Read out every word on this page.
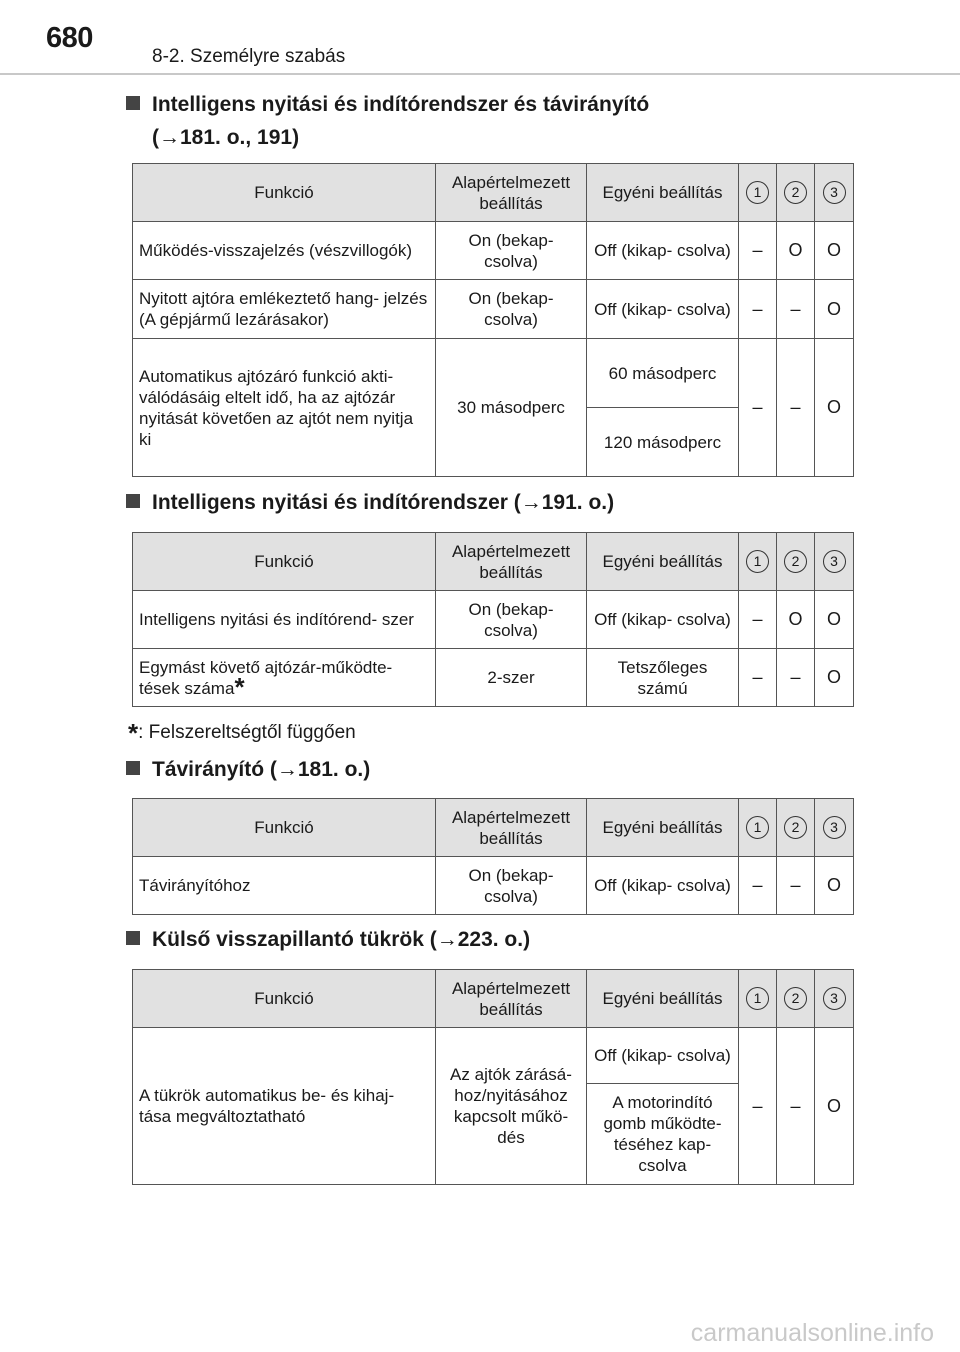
680
8-2. Személyre szabás
Intelligens nyitási és indítórendszer és távirányító
(→181. o., 191)
Funkció	Alapértelmezett beállítás	Egyéni beállítás	1	2	3
Működés-visszajelzés (vészvillogók)	On (bekap- csolva)	Off (kikap- csolva)	–	O	O
Nyitott ajtóra emlékeztető hang- jelzés (A gépjármű lezárásakor)	On (bekap- csolva)	Off (kikap- csolva)	–	–	O
Automatikus ajtózáró funkció akti- válódásáig eltelt idő, ha az ajtózár nyitását követően az ajtót nem nyitja ki	30 másodperc	60 másodperc	–	–	O
		120 másodperc			
Intelligens nyitási és indítórendszer (→191. o.)
Funkció	Alapértelmezett beállítás	Egyéni beállítás	1	2	3
Intelligens nyitási és indítórend- szer	On (bekap- csolva)	Off (kikap- csolva)	–	O	O
Egymást követő ajtózár-működte- tések száma*	2-szer	Tetszőleges számú	–	–	O
*: Felszereltségtől függően
Távirányító (→181. o.)
Funkció	Alapértelmezett beállítás	Egyéni beállítás	1	2	3
Távirányítóhoz	On (bekap- csolva)	Off (kikap- csolva)	–	–	O
Külső visszapillantó tükrök (→223. o.)
Funkció	Alapértelmezett beállítás	Egyéni beállítás	1	2	3
A tükrök automatikus be- és kihaj- tása megváltoztatható	Az ajtók zárásá- hoz/nyitásához kapcsolt műkö- dés	Off (kikap- csolva)	–	–	O
		A motorindító gomb működte- téséhez kap- csolva			
carmanualsonline.info
